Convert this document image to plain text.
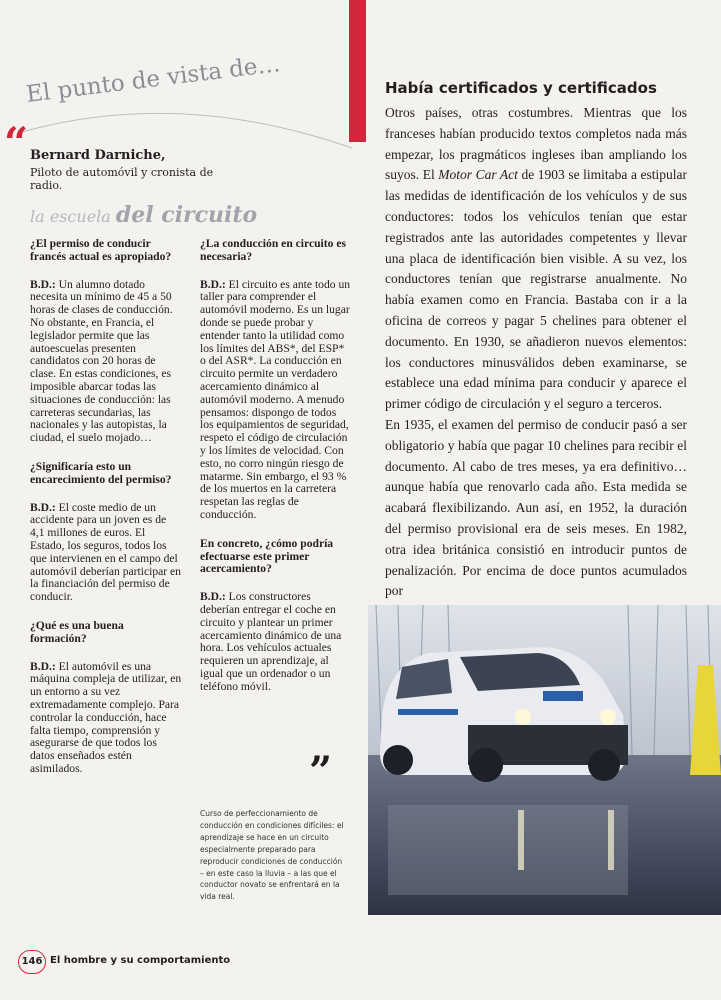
El punto de vista de…
“ Bernard Darniche,
Piloto de automóvil y cronista de radio.
la escuela del circuito

¿El permiso de conducir francés actual es apropiado?

B.D.: Un alumno dotado necesita un mínimo de 45 a 50 horas de clases de conducción. No obstante, en Francia, el legislador permite que las autoescuelas presenten candidatos con 20 horas de clase. En estas condiciones, es imposible abarcar todas las situaciones de conducción: las carreteras secundarias, las nacionales y las autopistas, la ciudad, el suelo mojado…

¿Significaría esto un encarecimiento del permiso?

B.D.: El coste medio de un accidente para un joven es de 4,1 millones de euros. El Estado, los seguros, todos los que intervienen en el campo del automóvil deberían participar en la financiación del permiso de conducir.

¿Qué es una buena formación?

B.D.: El automóvil es una máquina compleja de utilizar, en un entorno a su vez extremadamente complejo. Para controlar la conducción, hace falta tiempo, comprensión y asegurarse de que todos los datos enseñados estén asimilados.

¿La conducción en circuito es necesaria?

B.D.: El circuito es ante todo un taller para comprender el automóvil moderno. Es un lugar donde se puede probar y entender tanto la utilidad como los límites del ABS*, del ESP* o del ASR*. La conducción en circuito permite un verdadero acercamiento dinámico al automóvil moderno. A menudo pensamos: dispongo de todos los equipamientos de seguridad, respeto el código de circulación y los límites de velocidad. Con esto, no corro ningún riesgo de matarme. Sin embargo, el 93 % de los muertos en la carretera respetan las reglas de conducción.

En concreto, ¿cómo podría efectuarse este primer acercamiento?

B.D.: Los constructores deberían entregar el coche en circuito y plantear un primer acercamiento dinámico de una hora. Los vehículos actuales requieren un aprendizaje, al igual que un ordenador o un teléfono móvil.

”
Curso de perfeccionamiento de conducción en condiciones difíciles: el aprendizaje se hace en un circuito especialmente preparado para reproducir condiciones de conducción – en este caso la lluvia – a las que el conductor novato se enfrentará en la vida real.
Había certificados y certificados

Otros países, otras costumbres. Mientras que los franceses habían producido textos completos nada más empezar, los pragmáticos ingleses iban ampliando los suyos. El Motor Car Act de 1903 se limitaba a estipular las medidas de identificación de los vehículos y de sus conductores: todos los vehículos tenían que estar registrados ante las autoridades competentes y llevar una placa de identificación bien visible. A su vez, los conductores tenían que registrarse anualmente. No había examen como en Francia. Bastaba con ir a la oficina de correos y pagar 5 chelines para obtener el documento. En 1930, se añadieron nuevos elementos: los conductores minusválidos deben examinarse, se establece una edad mínima para conducir y aparece el primer código de circulación y el seguro a terceros.

En 1935, el examen del permiso de conducir pasó a ser obligatorio y había que pagar 10 chelines para recibir el documento. Al cabo de tres meses, ya era definitivo… aunque había que renovarlo cada año. Esta medida se acabará flexibilizando. Aun así, en 1952, la duración del permiso provisional era de seis meses. En 1982, otra idea británica consistió en introducir puntos de penalización. Por encima de doce puntos acumulados por

146 El hombre y su comportamiento
